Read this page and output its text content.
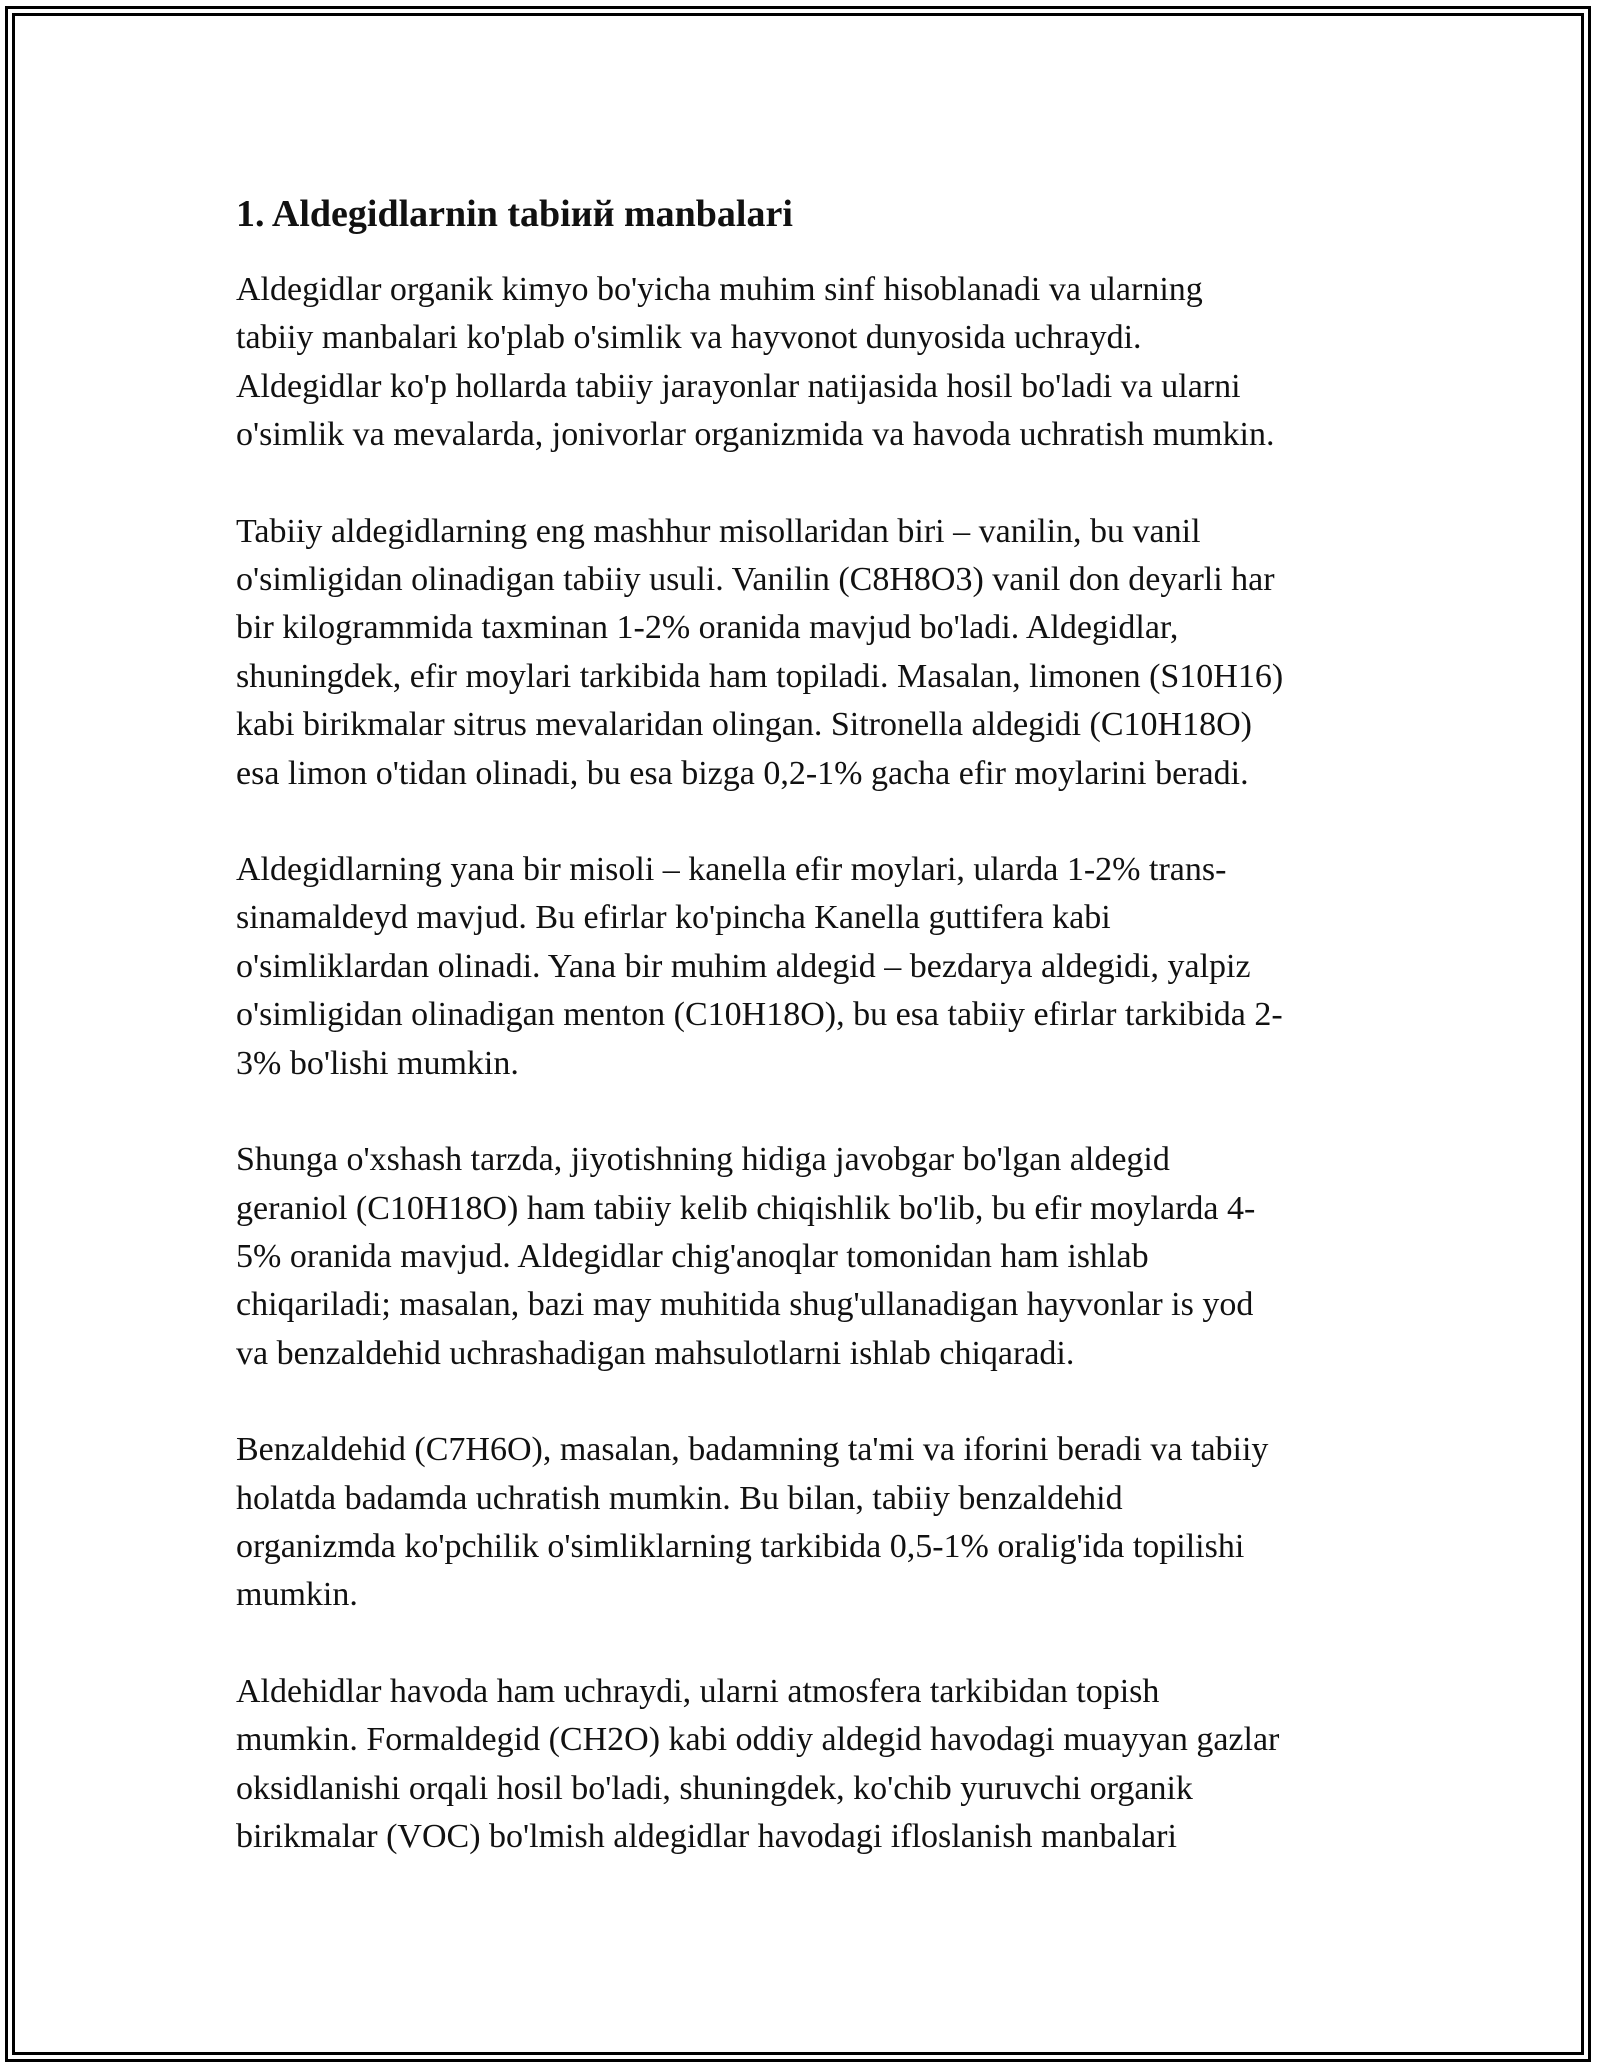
1. Aldegidlarnin tabiий manbalari

Aldegidlar organik kimyo bo'yicha muhim sinf hisoblanadi va ularning
tabiiy manbalari ko'plab o'simlik va hayvonot dunyosida uchraydi.
Aldegidlar ko'p hollarda tabiiy jarayonlar natijasida hosil bo'ladi va ularni
o'simlik va mevalarda, jonivorlar organizmida va havoda uchratish mumkin.

Tabiiy aldegidlarning eng mashhur misollaridan biri – vanilin, bu vanil
o'simligidan olinadigan tabiiy usuli. Vanilin (C8H8O3) vanil don deyarli har
bir kilogrammida taxminan 1-2% oranida mavjud bo'ladi. Aldegidlar,
shuningdek, efir moylari tarkibida ham topiladi. Masalan, limonen (S10H16)
kabi birikmalar sitrus mevalaridan olingan. Sitronella aldegidi (C10H18O)
esa limon o'tidan olinadi, bu esa bizga 0,2-1% gacha efir moylarini beradi.

Aldegidlarning yana bir misoli – kanella efir moylari, ularda 1-2% trans-
sinamaldeyd mavjud. Bu efirlar ko'pincha Kanella guttifera kabi
o'simliklardan olinadi. Yana bir muhim aldegid – bezdarya aldegidi, yalpiz
o'simligidan olinadigan menton (C10H18O), bu esa tabiiy efirlar tarkibida 2-
3% bo'lishi mumkin.

Shunga o'xshash tarzda, jiyotishning hidiga javobgar bo'lgan aldegid
geraniol (C10H18O) ham tabiiy kelib chiqishlik bo'lib, bu efir moylarda 4-
5% oranida mavjud. Aldegidlar chig'anoqlar tomonidan ham ishlab
chiqariladi; masalan, bazi may muhitida shug'ullanadigan hayvonlar is yod
va benzaldehid uchrashadigan mahsulotlarni ishlab chiqaradi.

Benzaldehid (C7H6O), masalan, badamning ta'mi va iforini beradi va tabiiy
holatda badamda uchratish mumkin. Bu bilan, tabiiy benzaldehid
organizmda ko'pchilik o'simliklarning tarkibida 0,5-1% oralig'ida topilishi
mumkin.

Aldehidlar havoda ham uchraydi, ularni atmosfera tarkibidan topish
mumkin. Formaldegid (CH2O) kabi oddiy aldegid havodagi muayyan gazlar
oksidlanishi orqali hosil bo'ladi, shuningdek, ko'chib yuruvchi organik
birikmalar (VOC) bo'lmish aldegidlar havodagi ifloslanish manbalari
